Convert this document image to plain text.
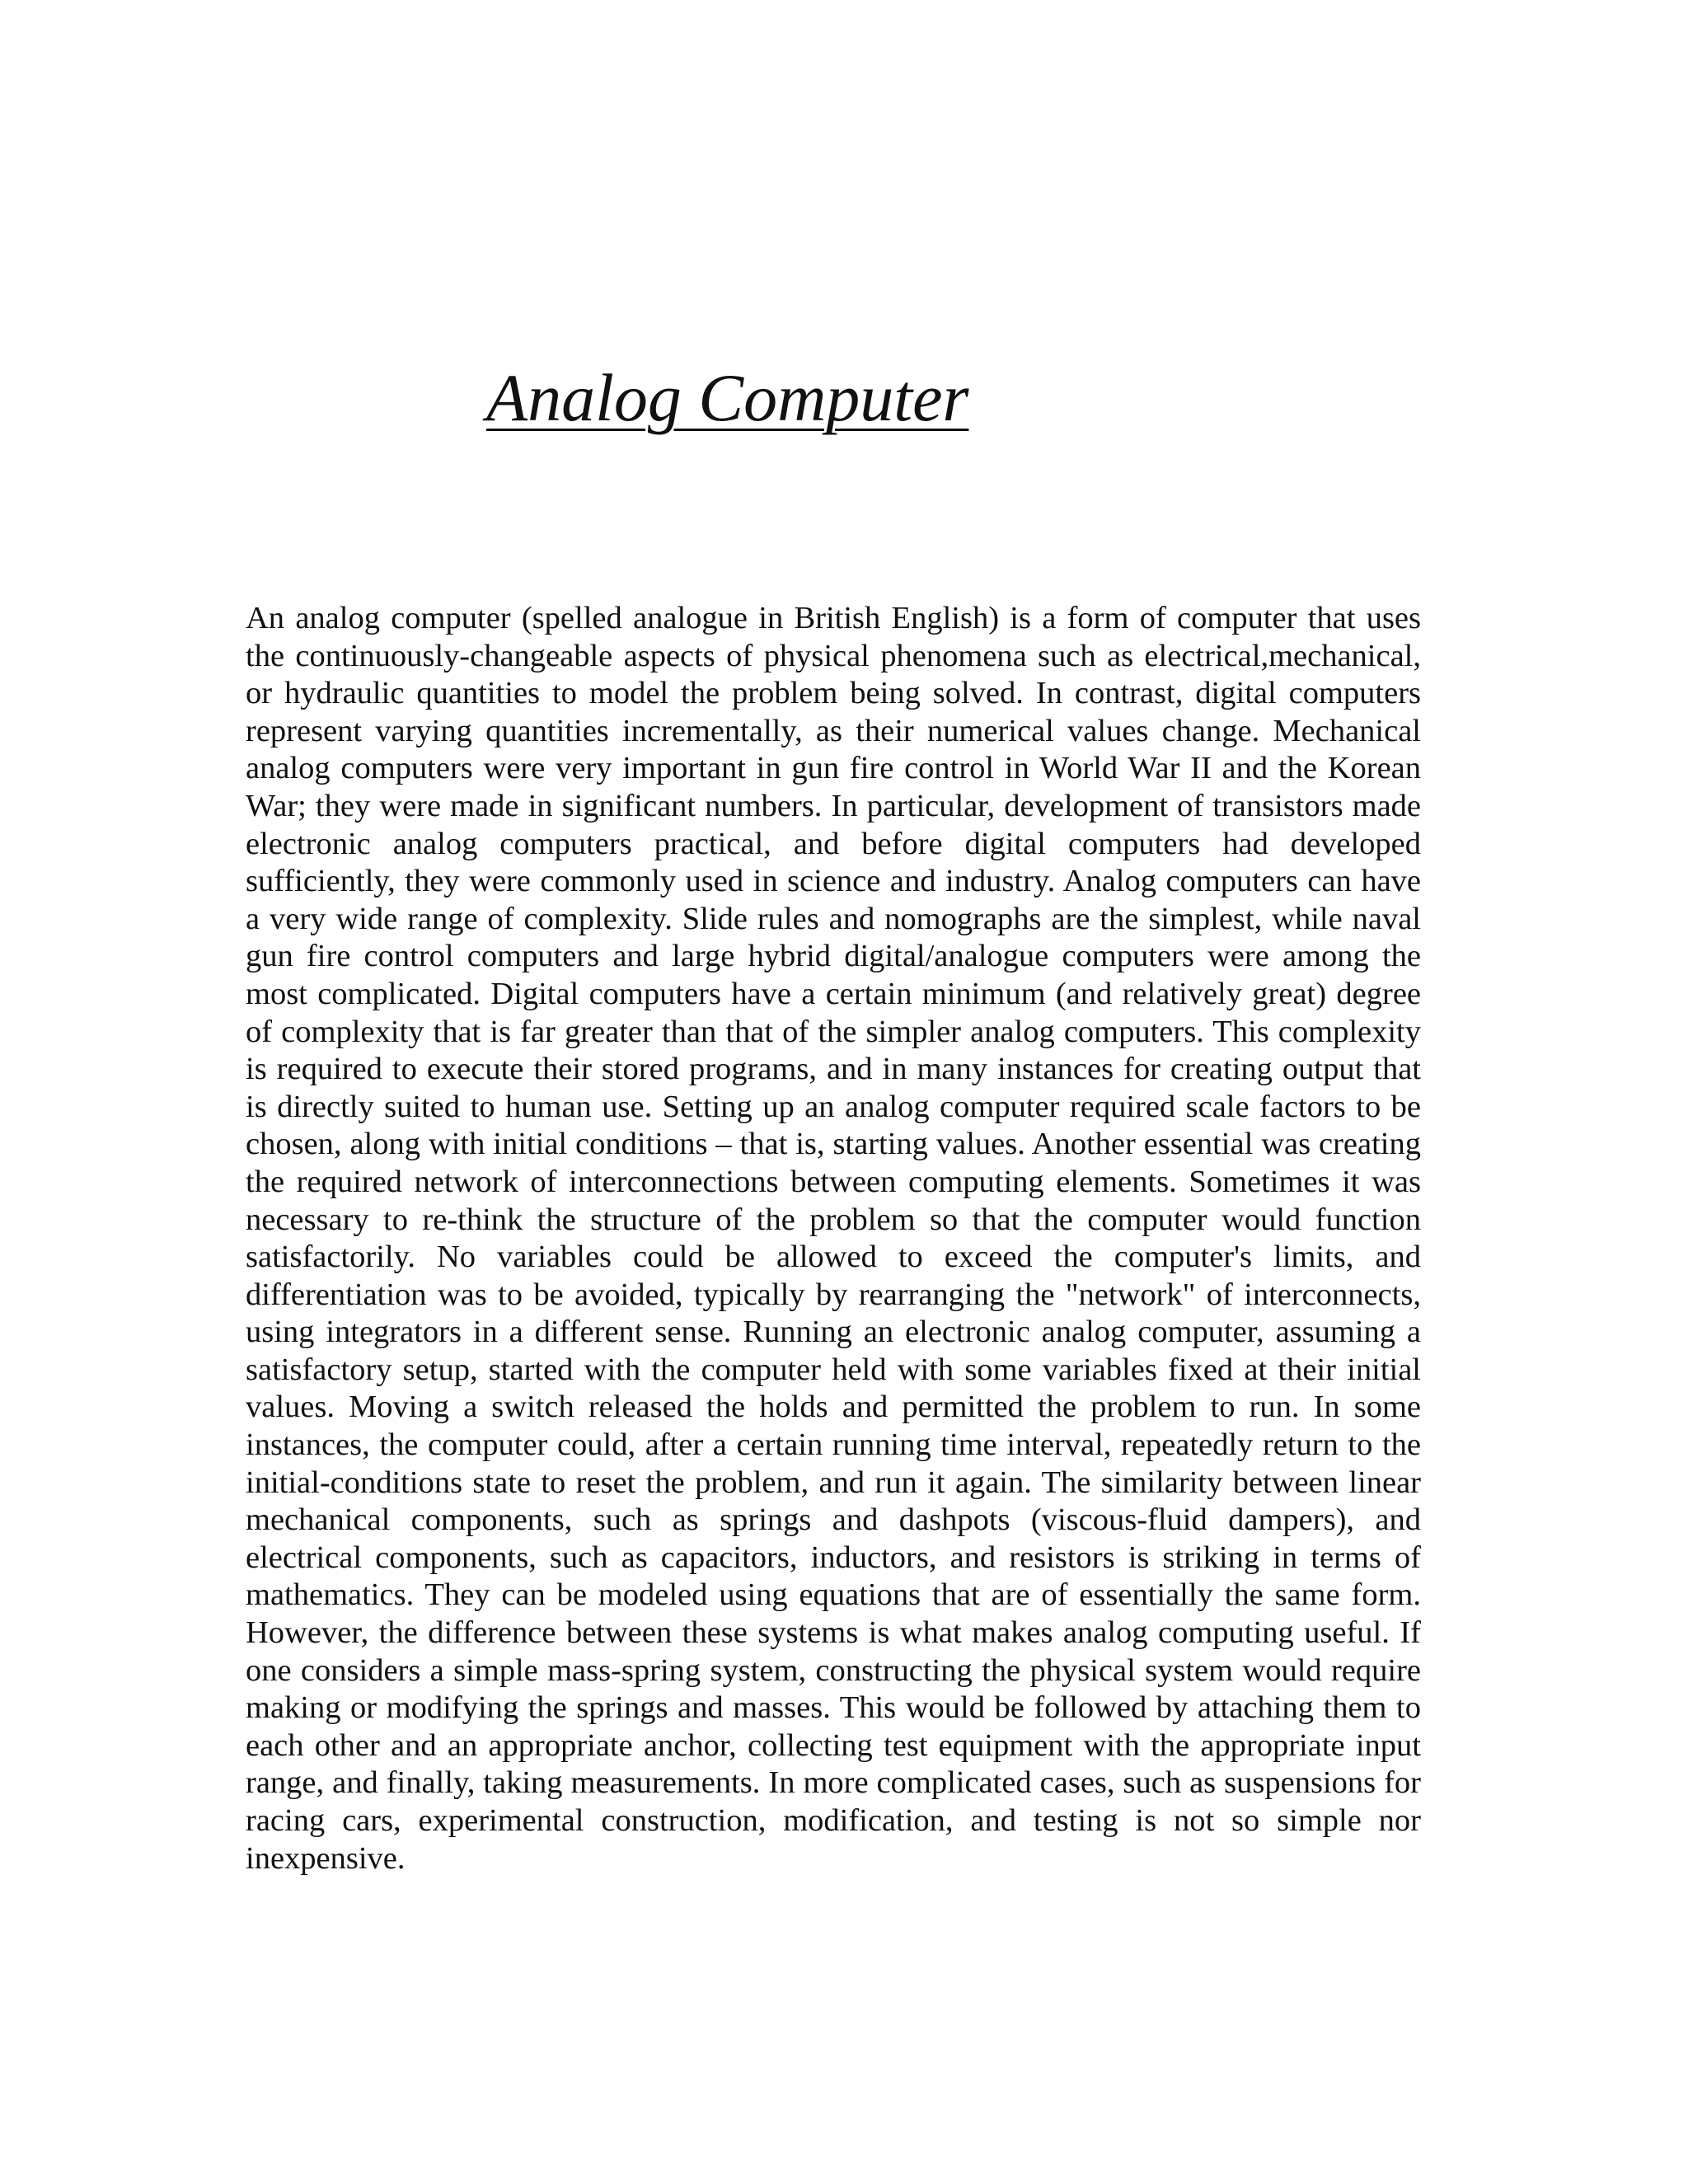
Analog Computer

An analog computer (spelled analogue in British English) is a form of computer that uses the continuously-changeable aspects of physical phenomena such as electrical,mechanical, or hydraulic quantities to model the problem being solved. In contrast, digital computers represent varying quantities incrementally, as their numerical values change. Mechanical analog computers were very important in gun fire control in World War II and the Korean War; they were made in significant numbers. In particular, development of transistors made electronic analog computers practical, and before digital computers had developed sufficiently, they were commonly used in science and industry. Analog computers can have a very wide range of complexity. Slide rules and nomographs are the simplest, while naval gun fire control computers and large hybrid digital/analogue computers were among the most complicated. Digital computers have a certain minimum (and relatively great) degree of complexity that is far greater than that of the simpler analog computers. This complexity is required to execute their stored programs, and in many instances for creating output that is directly suited to human use. Setting up an analog computer required scale factors to be chosen, along with initial conditions – that is, starting values. Another essential was creating the required network of interconnections between computing elements. Sometimes it was necessary to re-think the structure of the problem so that the computer would function satisfactorily. No variables could be allowed to exceed the computer's limits, and differentiation was to be avoided, typically by rearranging the "network" of interconnects, using integrators in a different sense. Running an electronic analog computer, assuming a satisfactory setup, started with the computer held with some variables fixed at their initial values. Moving a switch released the holds and permitted the problem to run. In some instances, the computer could, after a certain running time interval, repeatedly return to the initial-conditions state to reset the problem, and run it again. The similarity between linear mechanical components, such as springs and dashpots (viscous-fluid dampers), and electrical components, such as capacitors, inductors, and resistors is striking in terms of mathematics. They can be modeled using equations that are of essentially the same form. However, the difference between these systems is what makes analog computing useful. If one considers a simple mass-spring system, constructing the physical system would require making or modifying the springs and masses. This would be followed by attaching them to each other and an appropriate anchor, collecting test equipment with the appropriate input range, and finally, taking measurements. In more complicated cases, such as suspensions for racing cars, experimental construction, modification, and testing is not so simple nor inexpensive.
